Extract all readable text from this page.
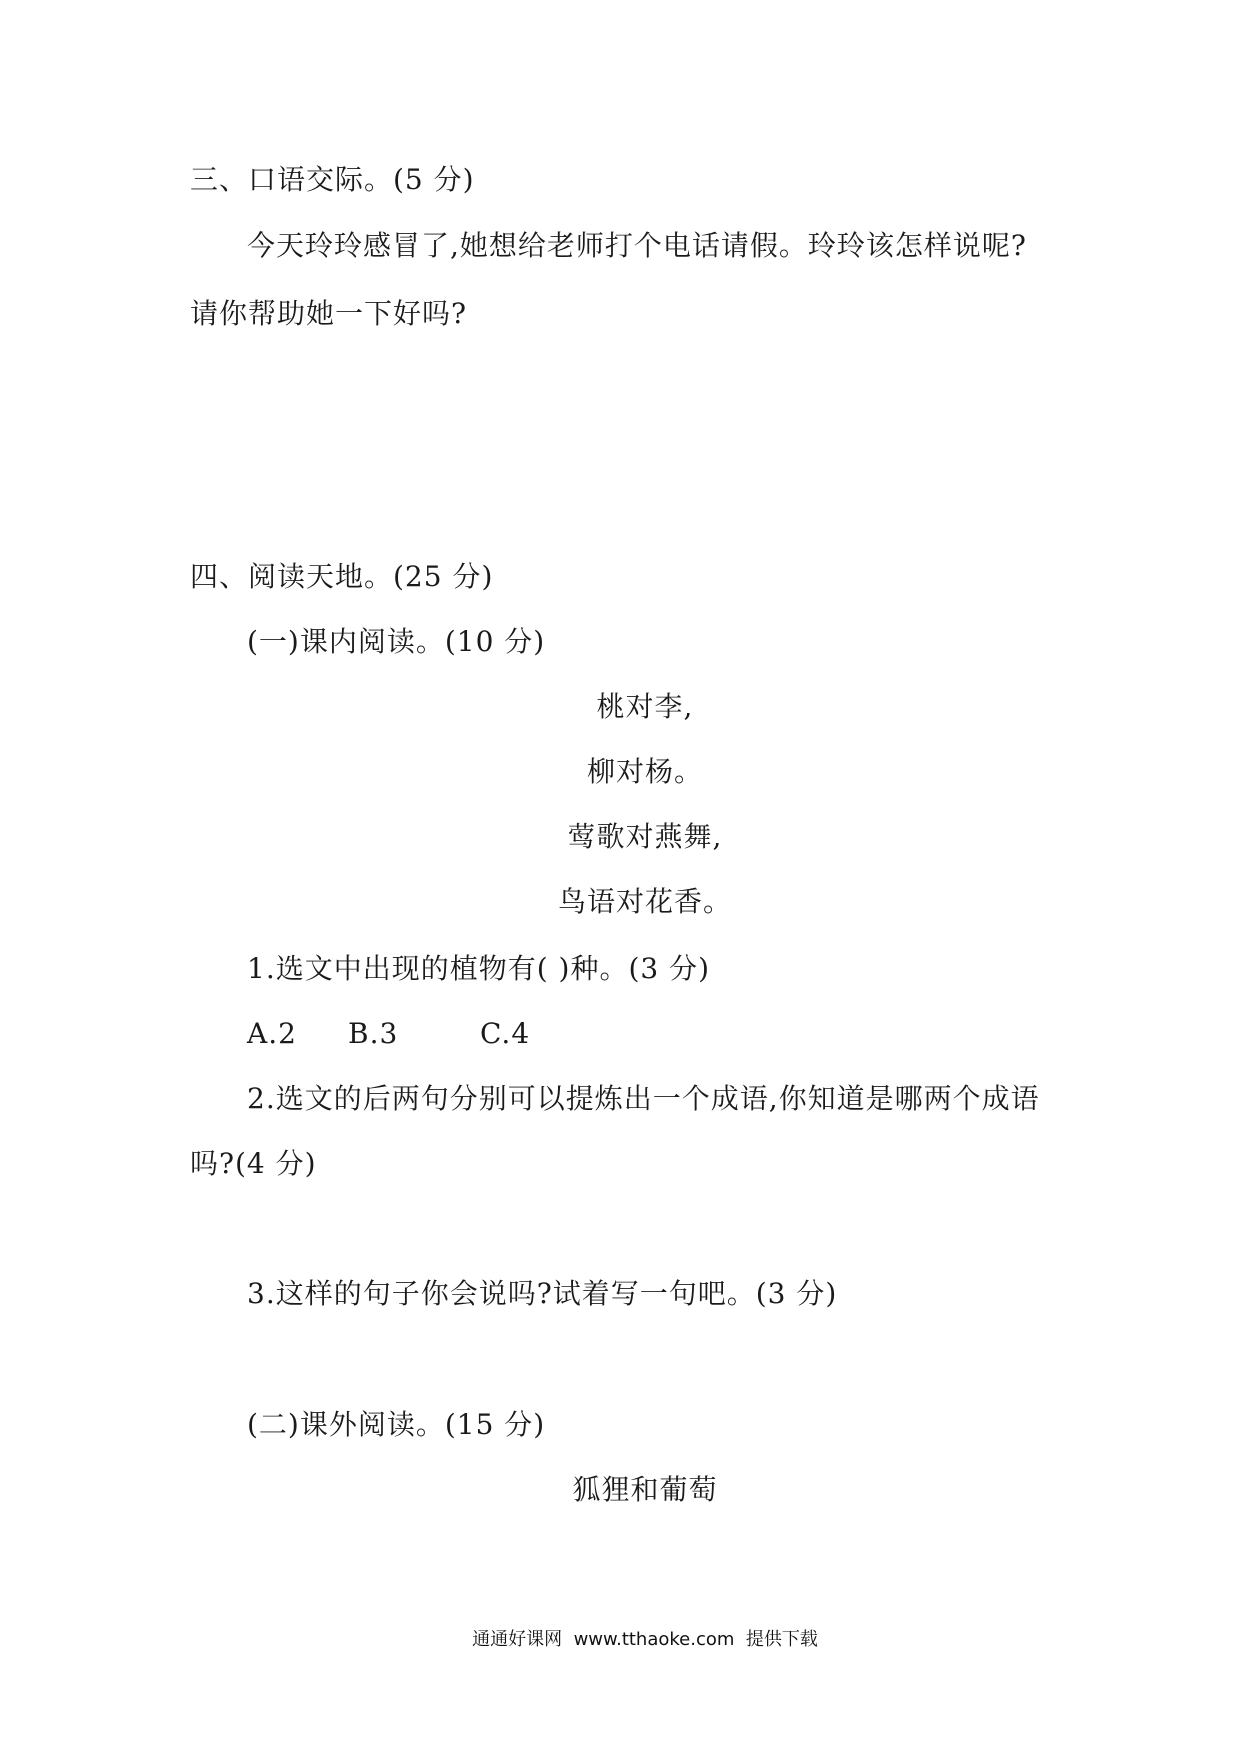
三、口语交际。(5 分)
今天玲玲感冒了,她想给老师打个电话请假。玲玲该怎样说呢?
请你帮助她一下好吗?
四、阅读天地。(25 分)
(一)课内阅读。(10 分)
桃对李,
柳对杨。
莺歌对燕舞,
鸟语对花香。
1.选文中出现的植物有( )种。(3 分)
A.2 B.3	C.4
2.选文的后两句分别可以提炼出一个成语,你知道是哪两个成语
吗?(4 分)
3.这样的句子你会说吗?试着写一句吧。(3 分)
(二)课外阅读。(15 分)
狐狸和葡萄
通通好课网  www.tthaoke.com  提供下载
